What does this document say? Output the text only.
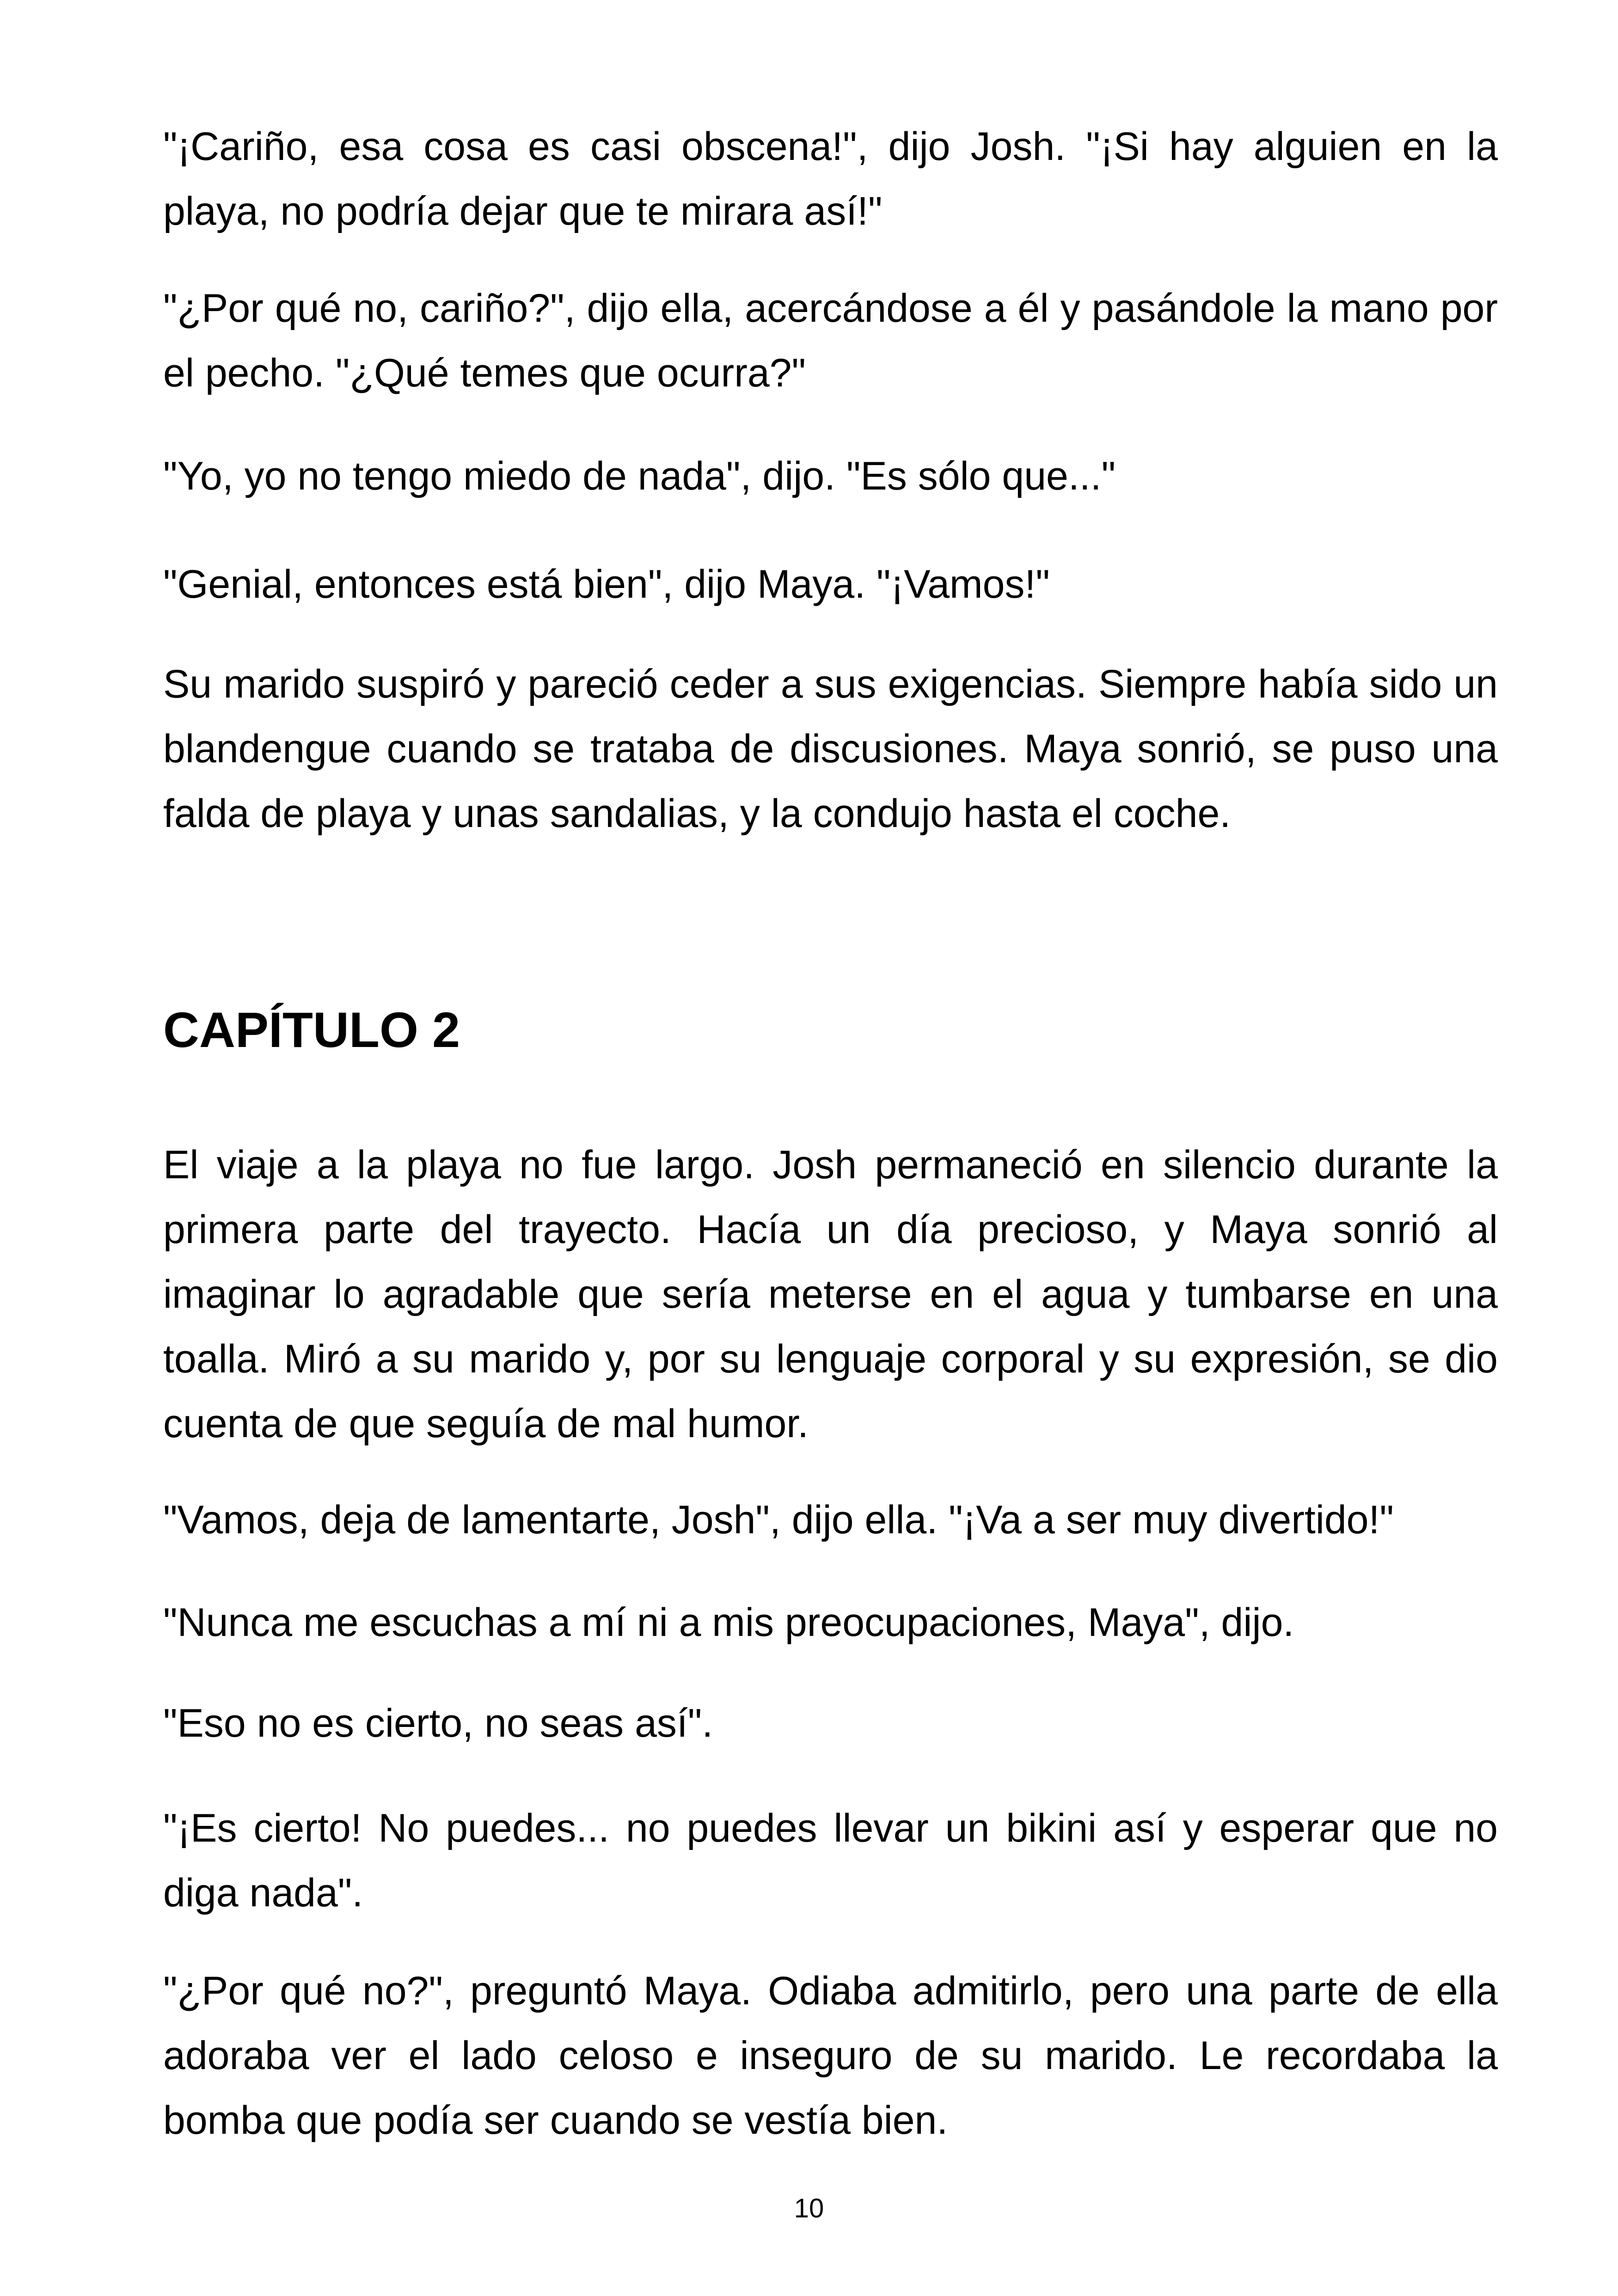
"¡Cariño, esa cosa es casi obscena!", dijo Josh. "¡Si hay alguien en la playa, no podría dejar que te mirara así!"

"¿Por qué no, cariño?", dijo ella, acercándose a él y pasándole la mano por el pecho. "¿Qué temes que ocurra?"

"Yo, yo no tengo miedo de nada", dijo. "Es sólo que..."

"Genial, entonces está bien", dijo Maya. "¡Vamos!"

Su marido suspiró y pareció ceder a sus exigencias. Siempre había sido un blandengue cuando se trataba de discusiones. Maya sonrió, se puso una falda de playa y unas sandalias, y la condujo hasta el coche.

CAPÍTULO 2

El viaje a la playa no fue largo. Josh permaneció en silencio durante la primera parte del trayecto. Hacía un día precioso, y Maya sonrió al imaginar lo agradable que sería meterse en el agua y tumbarse en una toalla. Miró a su marido y, por su lenguaje corporal y su expresión, se dio cuenta de que seguía de mal humor.

"Vamos, deja de lamentarte, Josh", dijo ella. "¡Va a ser muy divertido!"

"Nunca me escuchas a mí ni a mis preocupaciones, Maya", dijo.

"Eso no es cierto, no seas así".

"¡Es cierto! No puedes... no puedes llevar un bikini así y esperar que no diga nada".

"¿Por qué no?", preguntó Maya. Odiaba admitirlo, pero una parte de ella adoraba ver el lado celoso e inseguro de su marido. Le recordaba la bomba que podía ser cuando se vestía bien.

10
